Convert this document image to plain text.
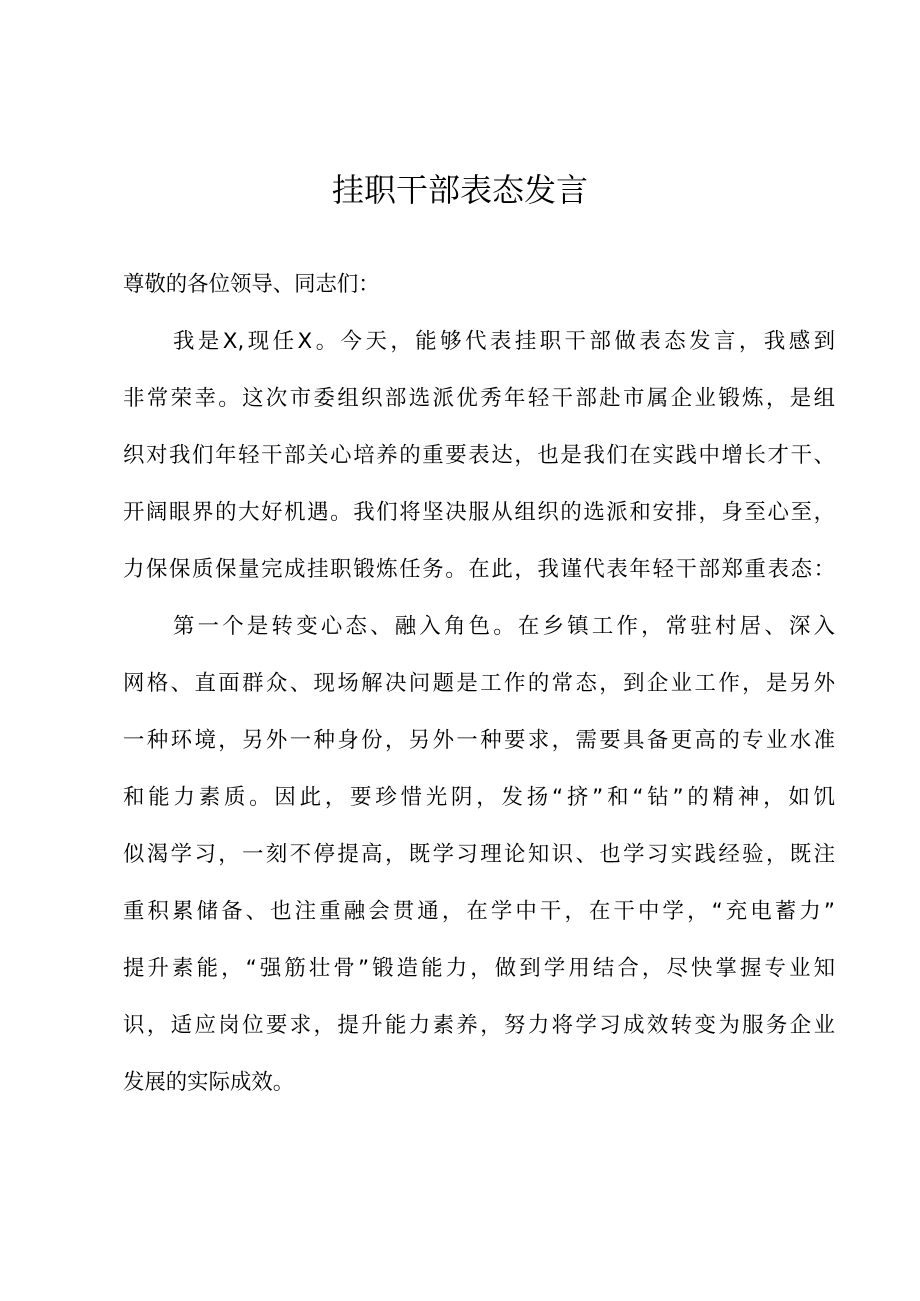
挂职干部表态发言
尊敬的各位领导、同志们：
我是X,现任X。今天，能够代表挂职干部做表态发言，我感到
非常荣幸。这次市委组织部选派优秀年轻干部赴市属企业锻炼，是组
织对我们年轻干部关心培养的重要表达，也是我们在实践中增长才干、
开阔眼界的大好机遇。我们将坚决服从组织的选派和安排，身至心至，
力保保质保量完成挂职锻炼任务。在此，我谨代表年轻干部郑重表态：
第一个是转变心态、融入角色。在乡镇工作，常驻村居、深入
网格、直面群众、现场解决问题是工作的常态，到企业工作，是另外
一种环境，另外一种身份，另外一种要求，需要具备更高的专业水准
和能力素质。因此，要珍惜光阴，发扬“挤”和“钻”的精神，如饥
似渴学习，一刻不停提高，既学习理论知识、也学习实践经验，既注
重积累储备、也注重融会贯通，在学中干，在干中学，“充电蓄力”
提升素能，“强筋壮骨”锻造能力，做到学用结合，尽快掌握专业知
识，适应岗位要求，提升能力素养，努力将学习成效转变为服务企业
发展的实际成效。
